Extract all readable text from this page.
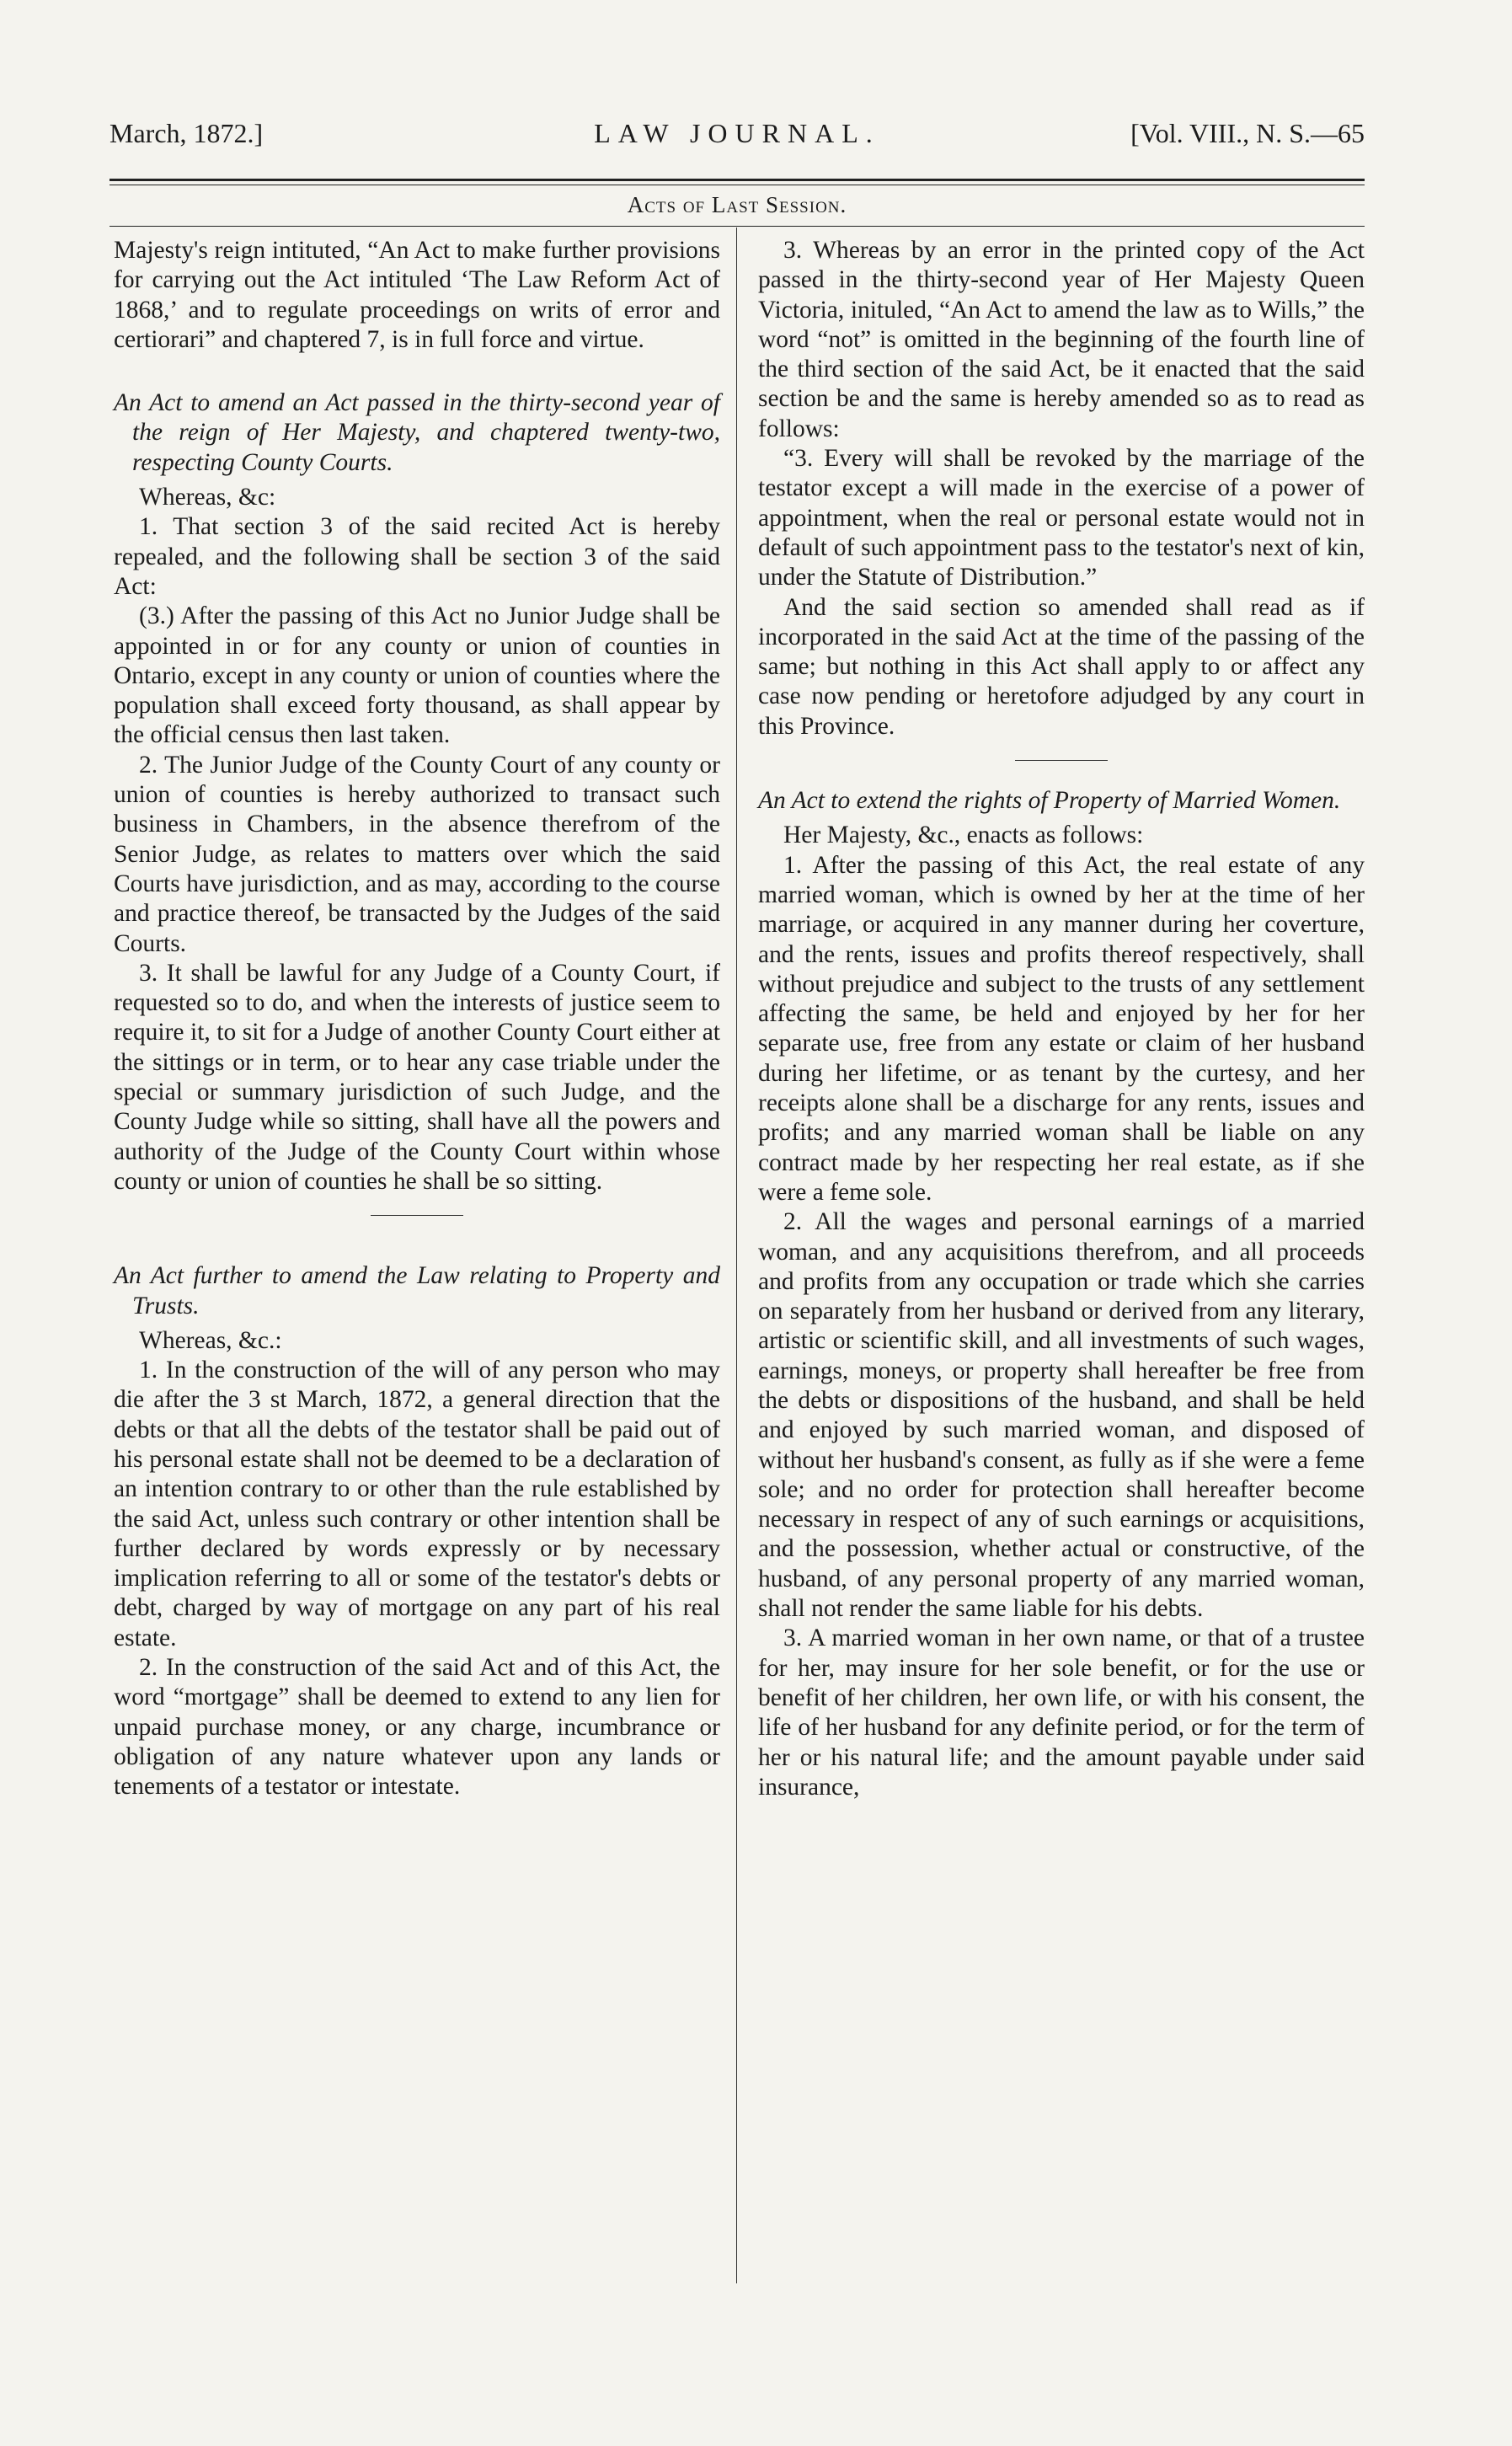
March, 1872.]	LAW JOURNAL.	[Vol. VIII., N. S.—65
Acts of Last Session.

Majesty's reign intituted, “An Act to make further provisions for carrying out the Act intituled ‘The Law Reform Act of 1868,’ and to regulate proceedings on writs of error and certiorari” and chaptered 7, is in full force and virtue.

An Act to amend an Act passed in the thirty-second year of the reign of Her Majesty, and chaptered twenty-two, respecting County Courts.

Whereas, &c:

1. That section 3 of the said recited Act is hereby repealed, and the following shall be section 3 of the said Act:

(3.) After the passing of this Act no Junior Judge shall be appointed in or for any county or union of counties in Ontario, except in any county or union of counties where the population shall exceed forty thousand, as shall appear by the official census then last taken.

2. The Junior Judge of the County Court of any county or union of counties is hereby authorized to transact such business in Chambers, in the absence therefrom of the Senior Judge, as relates to matters over which the said Courts have jurisdiction, and as may, according to the course and practice thereof, be transacted by the Judges of the said Courts.

3. It shall be lawful for any Judge of a County Court, if requested so to do, and when the interests of justice seem to require it, to sit for a Judge of another County Court either at the sittings or in term, or to hear any case triable under the special or summary jurisdiction of such Judge, and the County Judge while so sitting, shall have all the powers and authority of the Judge of the County Court within whose county or union of counties he shall be so sitting.

An Act further to amend the Law relating to Property and Trusts.

Whereas, &c.:

1. In the construction of the will of any person who may die after the 3 st March, 1872, a general direction that the debts or that all the debts of the testator shall be paid out of his personal estate shall not be deemed to be a declaration of an intention contrary to or other than the rule established by the said Act, unless such contrary or other intention shall be further declared by words expressly or by necessary implication referring to all or some of the testator's debts or debt, charged by way of mortgage on any part of his real estate.

2. In the construction of the said Act and of this Act, the word “mortgage” shall be deemed to extend to any lien for unpaid purchase money, or any charge, incumbrance or obligation of any nature whatever upon any lands or tenements of a testator or intestate.

3. Whereas by an error in the printed copy of the Act passed in the thirty-second year of Her Majesty Queen Victoria, inituled, “An Act to amend the law as to Wills,” the word “not” is omitted in the beginning of the fourth line of the third section of the said Act, be it enacted that the said section be and the same is hereby amended so as to read as follows:

“3. Every will shall be revoked by the marriage of the testator except a will made in the exercise of a power of appointment, when the real or personal estate would not in default of such appointment pass to the testator's next of kin, under the Statute of Distribution.”

And the said section so amended shall read as if incorporated in the said Act at the time of the passing of the same; but nothing in this Act shall apply to or affect any case now pending or heretofore adjudged by any court in this Province.

An Act to extend the rights of Property of Married Women.

Her Majesty, &c., enacts as follows:

1. After the passing of this Act, the real estate of any married woman, which is owned by her at the time of her marriage, or acquired in any manner during her coverture, and the rents, issues and profits thereof respectively, shall without prejudice and subject to the trusts of any settlement affecting the same, be held and enjoyed by her for her separate use, free from any estate or claim of her husband during her lifetime, or as tenant by the curtesy, and her receipts alone shall be a discharge for any rents, issues and profits; and any married woman shall be liable on any contract made by her respecting her real estate, as if she were a feme sole.

2. All the wages and personal earnings of a married woman, and any acquisitions therefrom, and all proceeds and profits from any occupation or trade which she carries on separately from her husband or derived from any literary, artistic or scientific skill, and all investments of such wages, earnings, moneys, or property shall hereafter be free from the debts or dispositions of the husband, and shall be held and enjoyed by such married woman, and disposed of without her husband's consent, as fully as if she were a feme sole; and no order for protection shall hereafter become necessary in respect of any of such earnings or acquisitions, and the possession, whether actual or constructive, of the husband, of any personal property of any married woman, shall not render the same liable for his debts.

3. A married woman in her own name, or that of a trustee for her, may insure for her sole benefit, or for the use or benefit of her children, her own life, or with his consent, the life of her husband for any definite period, or for the term of her or his natural life; and the amount payable under said insurance,
